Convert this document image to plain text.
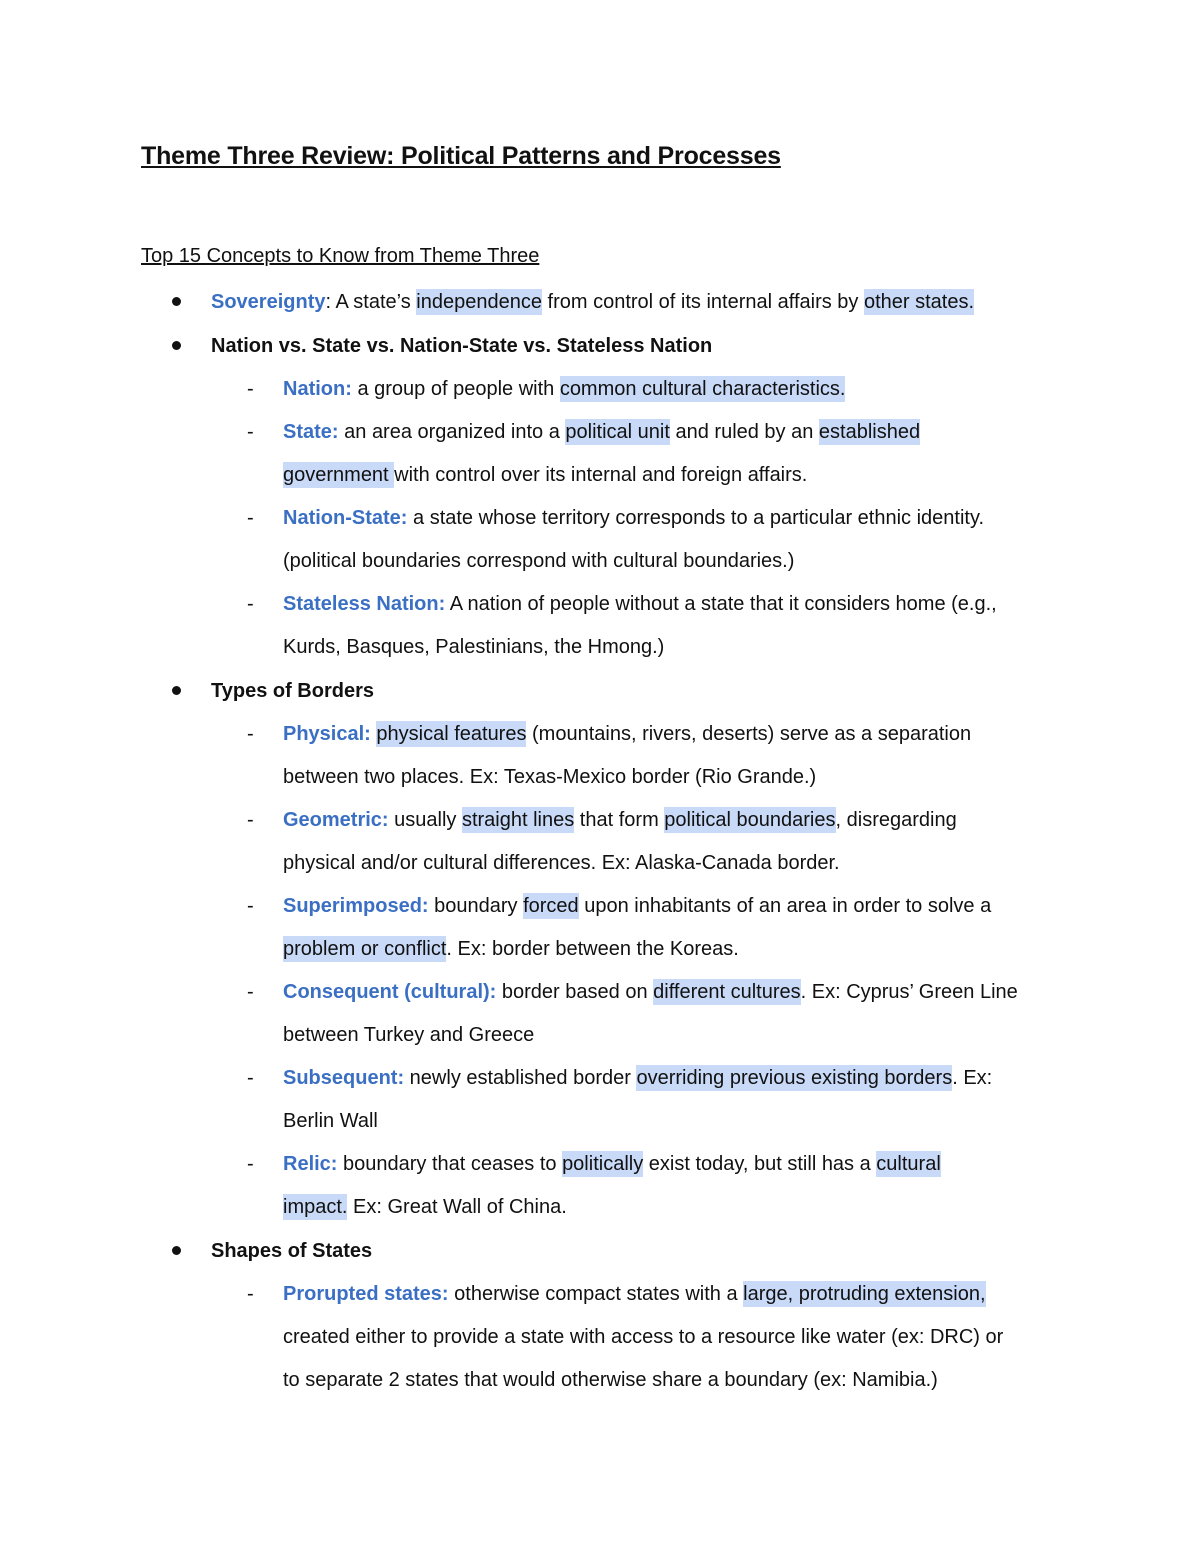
Theme Three Review: Political Patterns and Processes
Top 15 Concepts to Know from Theme Three
Sovereignty: A state’s independence from control of its internal affairs by other states.
Nation vs. State vs. Nation-State vs. Stateless Nation
- Nation: a group of people with common cultural characteristics.
- State: an area organized into a political unit and ruled by an established
government with control over its internal and foreign affairs.
- Nation-State: a state whose territory corresponds to a particular ethnic identity.
(political boundaries correspond with cultural boundaries.)
- Stateless Nation: A nation of people without a state that it considers home (e.g.,
Kurds, Basques, Palestinians, the Hmong.)
Types of Borders
- Physical: physical features (mountains, rivers, deserts) serve as a separation
between two places. Ex: Texas-Mexico border (Rio Grande.)
- Geometric: usually straight lines that form political boundaries, disregarding
physical and/or cultural differences. Ex: Alaska-Canada border.
- Superimposed: boundary forced upon inhabitants of an area in order to solve a
problem or conflict. Ex: border between the Koreas.
- Consequent (cultural): border based on different cultures. Ex: Cyprus’ Green Line
between Turkey and Greece
- Subsequent: newly established border overriding previous existing borders. Ex:
Berlin Wall
- Relic: boundary that ceases to politically exist today, but still has a cultural
impact. Ex: Great Wall of China.
Shapes of States
- Prorupted states: otherwise compact states with a large, protruding extension,
created either to provide a state with access to a resource like water (ex: DRC) or
to separate 2 states that would otherwise share a boundary (ex: Namibia.)
